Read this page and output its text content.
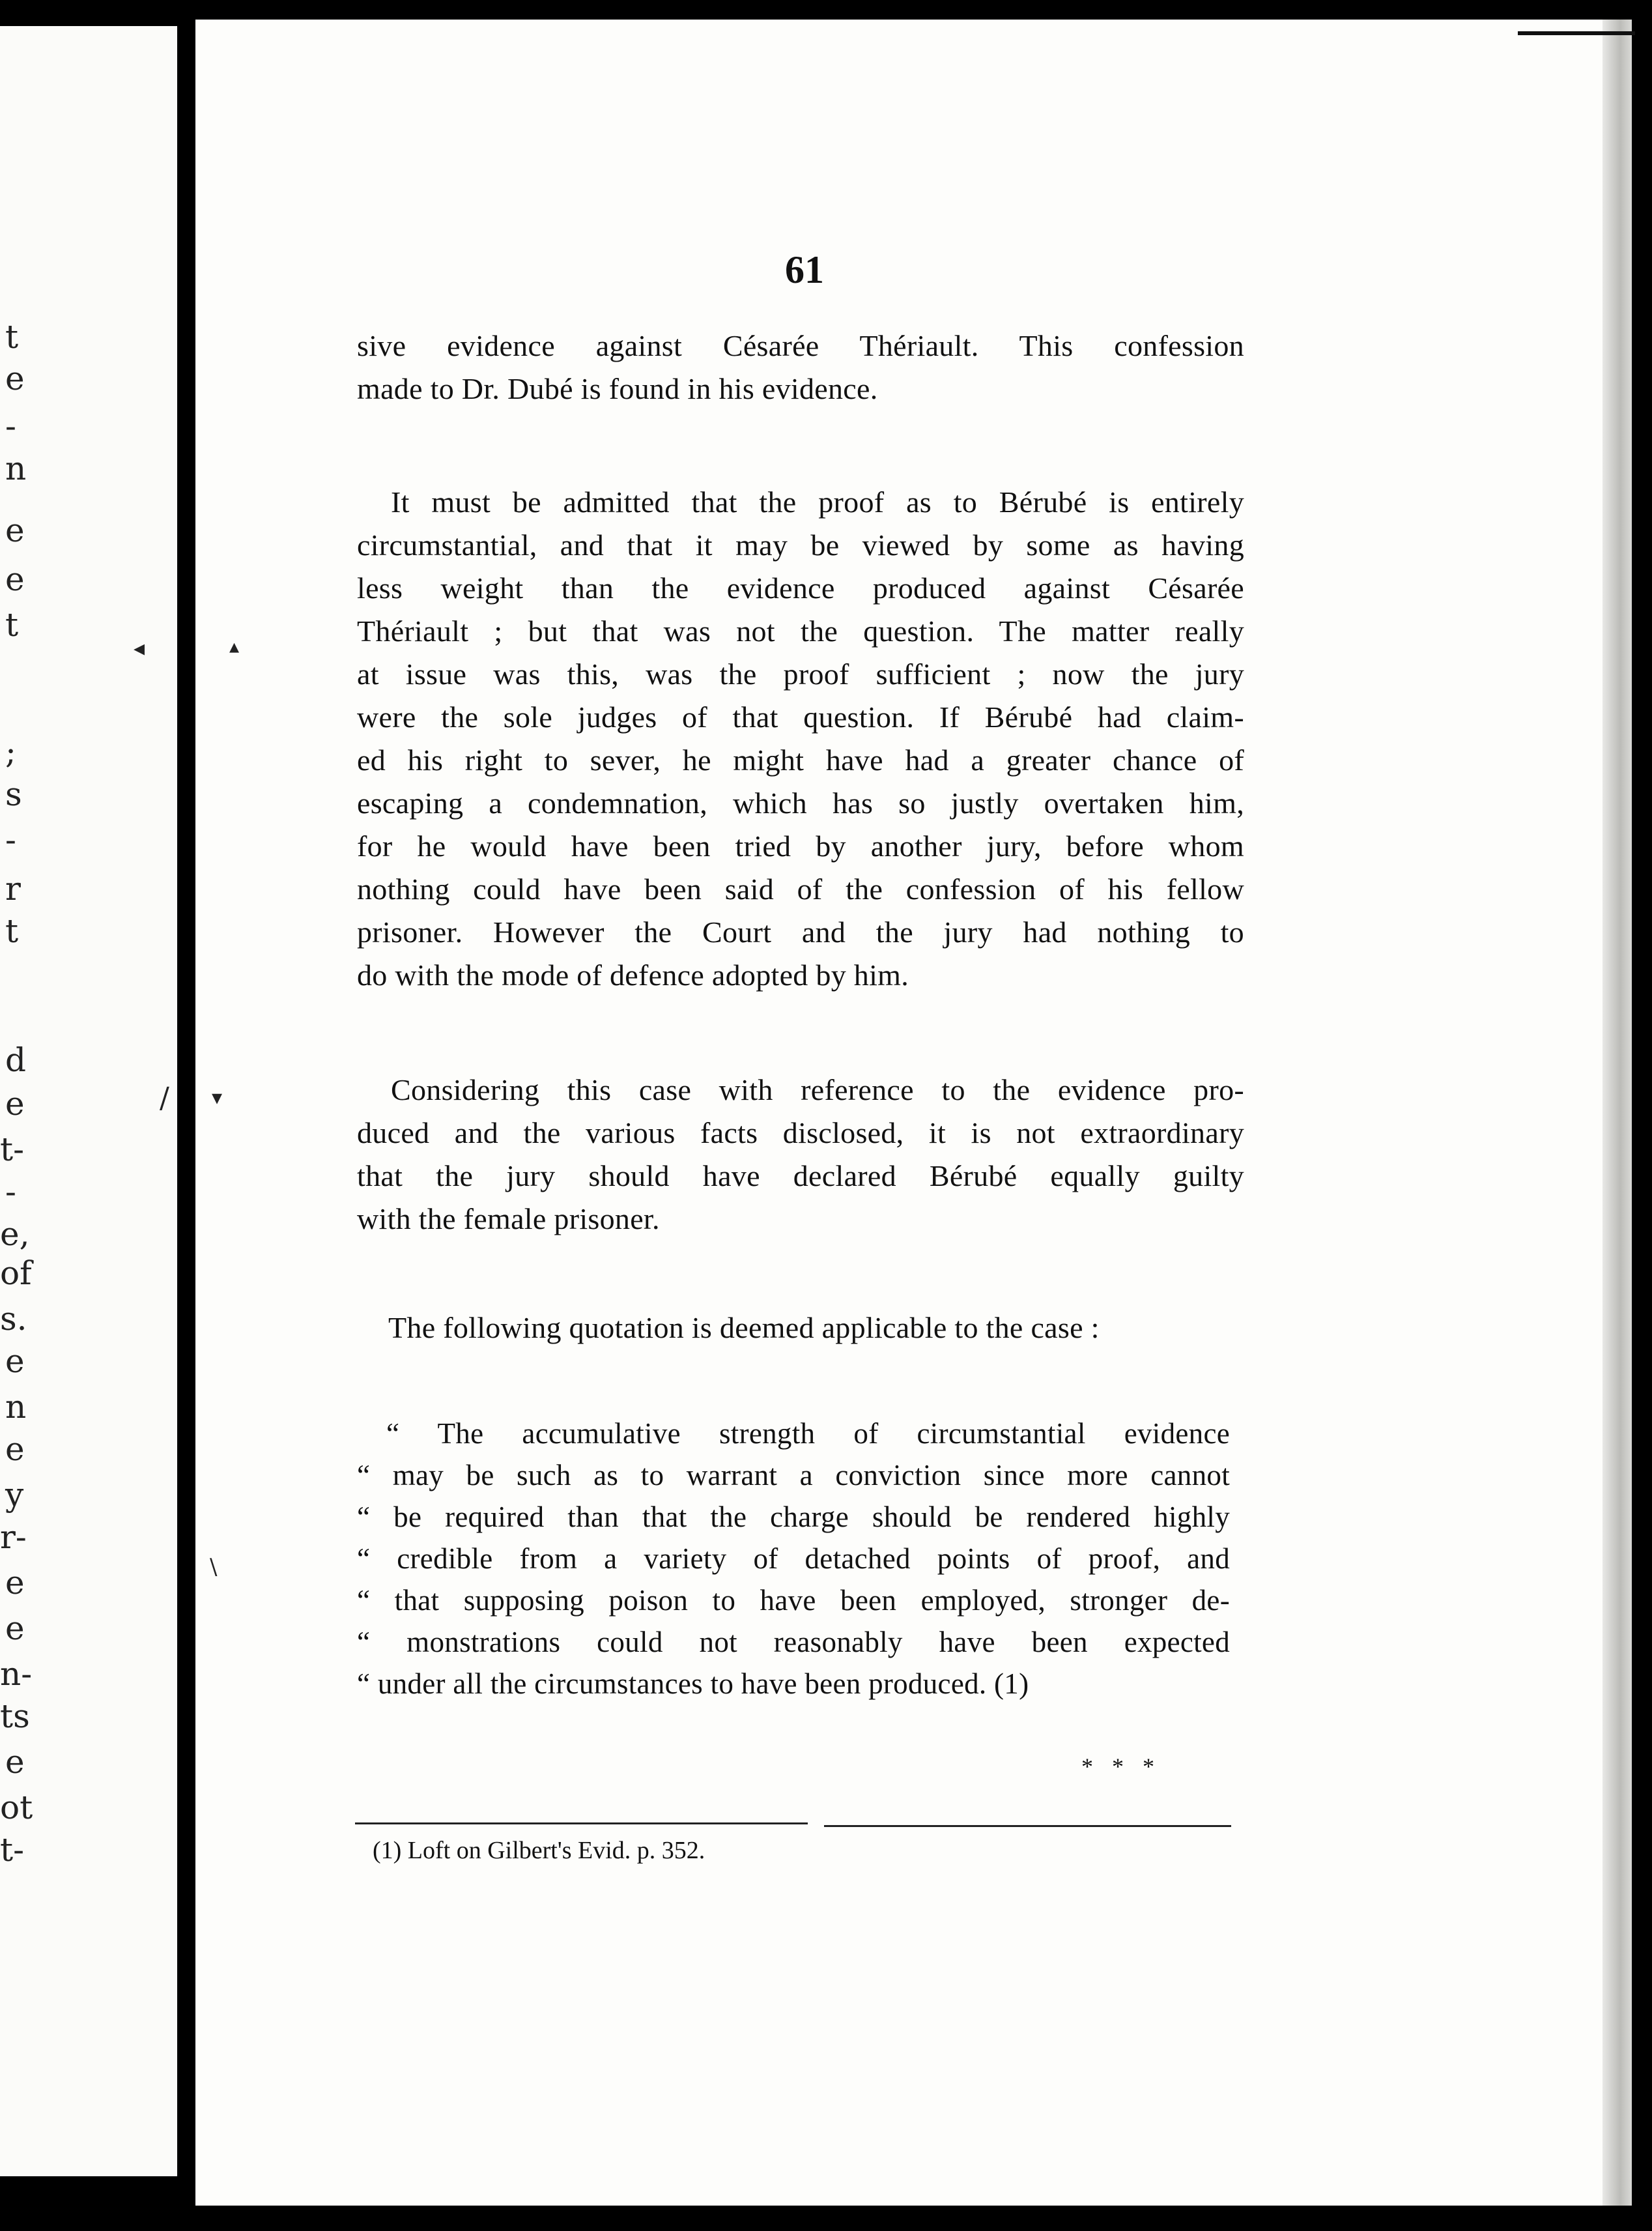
t
e
-
n
e
e
t
;
s
-
r
t
d
e
t-
-
e,
of
s.
e
n
e
y
r-
e
e
n-
ts
e
ot
t-
61
sive evidence against Césarée Thériault. This confession
made to Dr. Dubé is found in his evidence.
It must be admitted that the proof as to Bérubé is entirely
circumstantial, and that it may be viewed by some as having
less weight than the evidence produced against Césarée
Thériault ; but that was not the question. The matter really
at issue was this, was the proof sufficient ; now the jury
were the sole judges of that question. If Bérubé had claim-
ed his right to sever, he might have had a greater chance of
escaping a condemnation, which has so justly overtaken him,
for he would have been tried by another jury, before whom
nothing could have been said of the confession of his fellow
prisoner. However the Court and the jury had nothing to
do with the mode of defence adopted by him.
Considering this case with reference to the evidence pro-
duced and the various facts disclosed, it is not extraordinary
that the jury should have declared Bérubé equally guilty
with the female prisoner.
The following quotation is deemed applicable to the case :
“ The accumulative strength of circumstantial evidence
“ may be such as to warrant a conviction since more cannot
“ be required than that the charge should be rendered highly
“ credible from a variety of detached points of proof, and
“ that supposing poison to have been employed, stronger de-
“ monstrations could not reasonably have been expected
“ under all the circumstances to have been produced. (1)
* * *
(1) Loft on Gilbert's Evid. p. 352.
◂	▴
/ ▾
\
